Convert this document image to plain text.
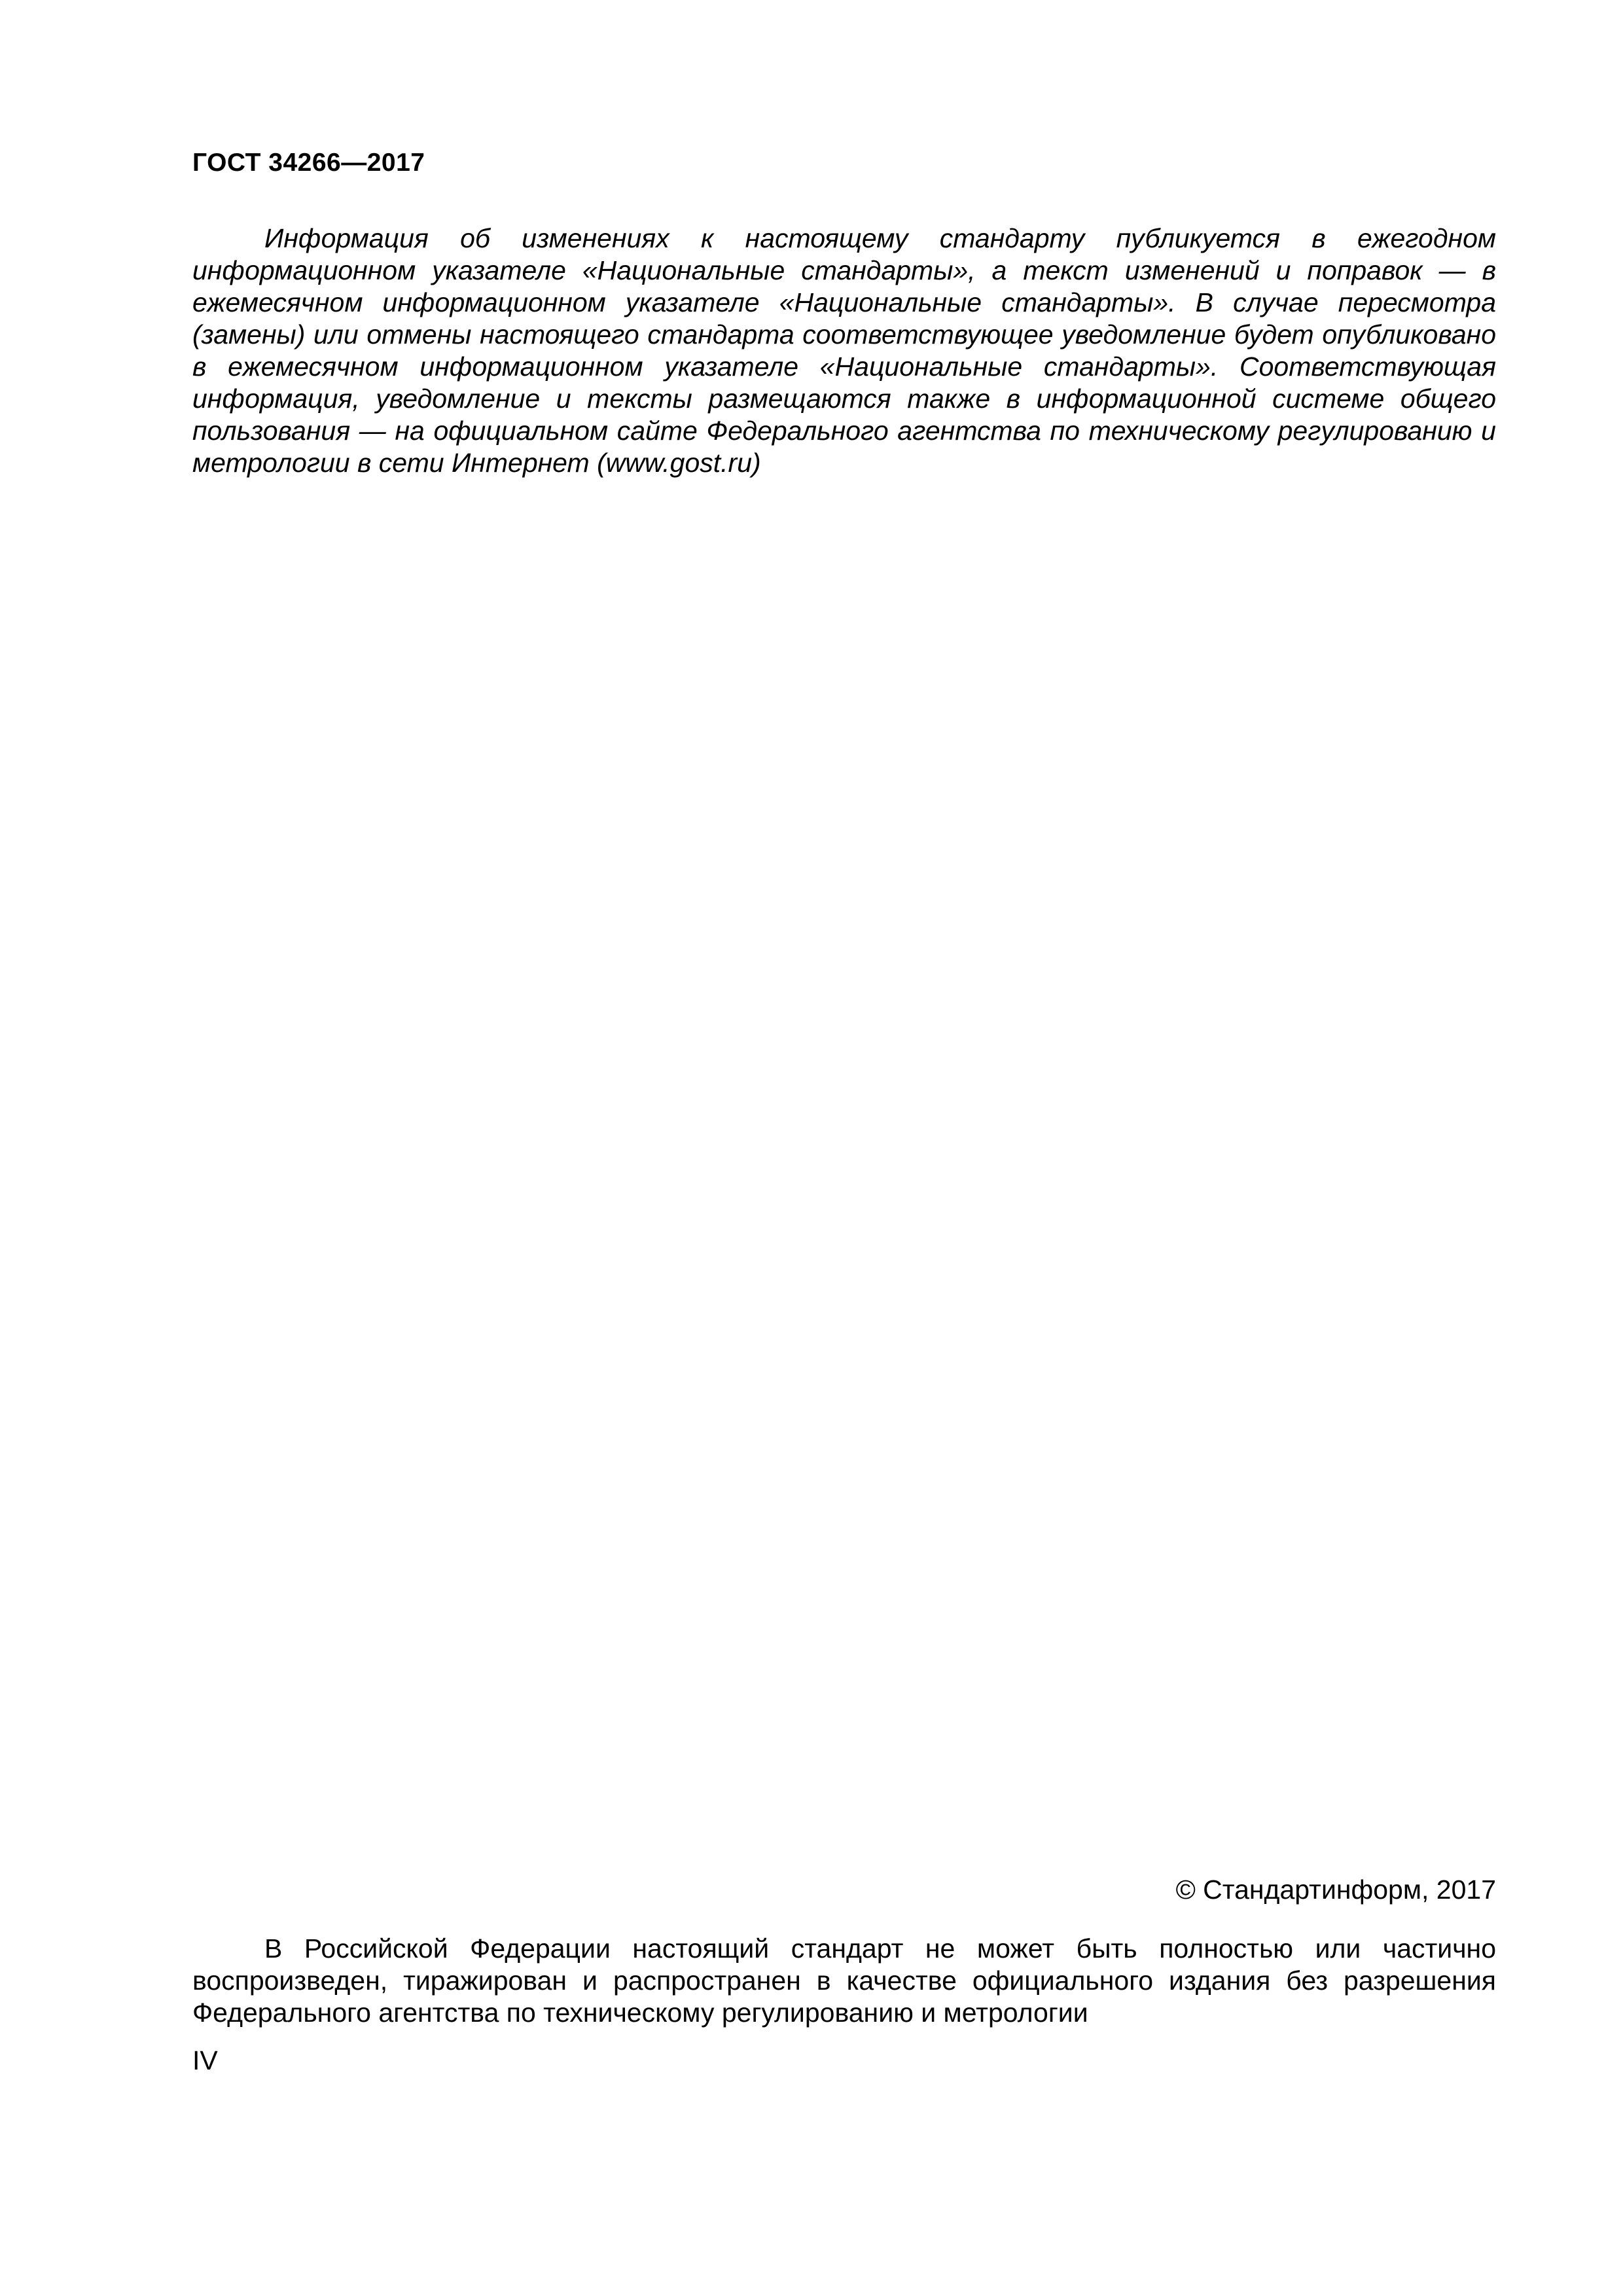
ГОСТ 34266—2017

Информация об изменениях к настоящему стандарту публикуется в ежегодном информационном указателе «Национальные стандарты», а текст изменений и поправок — в ежемесячном информационном указателе «Национальные стандарты». В случае пересмотра (замены) или отмены настоящего стандарта соответствующее уведомление будет опубликовано в ежемесячном информационном указателе «Национальные стандарты». Соответствующая информация, уведомление и тексты размещаются также в информационной системе общего пользования — на официальном сайте Федерального агентства по техническому регулированию и метрологии в сети Интернет (www.gost.ru)

© Стандартинформ, 2017

В Российской Федерации настоящий стандарт не может быть полностью или частично воспроизведен, тиражирован и распространен в качестве официального издания без разрешения Федерального агентства по техническому регулированию и метрологии

IV
